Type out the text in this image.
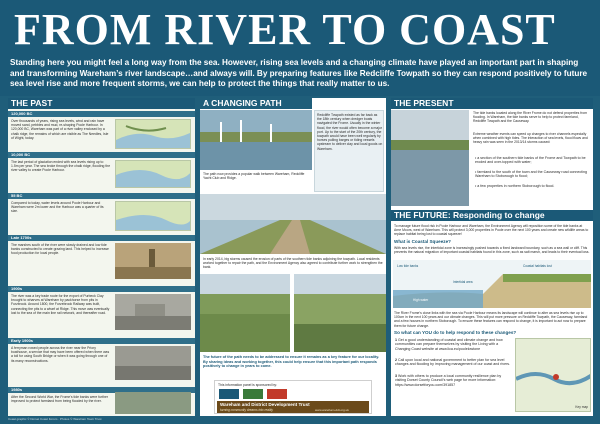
FROM RIVER TO COAST
Standing here you might feel a long way from the sea. However, rising sea levels and a changing climate have played an important part in shaping and transforming Wareham’s river landscape…and always will. By preparing features like Redcliffe Towpath so they can respond positively to future sea level rise and more frequent storms, we can help to protect the things that really matter to us.
THE PAST
120,000 BC
Over thousands of years, rising sea levels, wind and rain have moved sand, pebbles and mud, re-shaping Poole Harbour. In 120,000 BC, Wareham was part of a river valley enclosed by a chalk ridge, the remains of which are visible as The Needles, Isle of Wight, today.
10,000 BC
The last period of glaciation ended with sea levels rising up to 1.5m per year. The sea broke through the chalk ridge, flooding the river valley to create Poole Harbour.
55 BC
Compared to today, water levels around Poole Harbour and Wareham were 2m lower and the Harbour was a quarter of its size.
Late 1700s
The marshes south of the river were slowly drained and low tide banks constructed to create grazing land. This helped to increase food production for local people.
1900s
The river was a key trade route for the export of Purbeck Clay brought to wharves at Wareham by packhorse from pits in Furzbrook. Around 1800, the Furzebrook Railway was built, connecting the pits to a wharf at Ridge. This move was eventually lost to the sea of the main line rail network, and thereafter road.
Early 1900s
A ferryman rowed people across the river near the Priory boathouse, a service that may have been offered when there was a toll for using South Bridge or when it was going through one of its many reconstructions.
1980s
After the Second World War, the Frome’s tide banks were further improved to protect farmland from being flooded by the river.
A CHANGING PATH
Redcliffe Towpath existed as far back as the 18th century when dredger boats navigated the Frome. Usually in the winter flood, the river would often become a major port. Up to the start of the 20th century, the towpath would have been well regularly by horses pulling barges or tiding vessels upstream to deliver clay and local goods on Wareham.
The path now provides a popular walk between Wareham, Redcliffe Yacht Club and Ridge.
In early 2014, big storms caused the erosion of parts of the southern tide banks adjoining the towpath. Local residents worked together to repair the path, and the Environment Agency also agreed to contribute further work to strengthen the bank.
The future of the path needs to be addressed to ensure it remains as a key feature for our locality. By sharing ideas and working together, this could help ensure that this important path responds positively to change in years to come.
This information panel is sponsored by:
Wareham and District Development Trust
turning community dreams into reality	www.wareham-ddt.org.uk
THE PRESENT
The tide banks located along the River Frome do not defend properties from flooding. In Wareham, the tide banks serve to help to protect farmland, Redcliffe Towpath and the Causeway.
Extreme weather events can speed up changes to river channels especially when combined with high tides. The interaction of sea levels, flood flows and heavy rain was seen in the 2013/14 storms caused:
• a section of the southern tide banks of the Frome and Towpath to be eroded and over-topped with water;
• farmland to the south of the town and the Causeway road connecting Wareham to Stoborough to flood;
• a few properties in northern Stoborough to flood.
THE FUTURE: Responding to change
To manage future flood risk in Poole Harbour and Wareham, the Environment Agency will reposition some of the tide banks at Arne Moors, west of Wareham. This will protect 3,000 properties in Poole over the next 100 years and create new wildlife areas to replace habitat being lost to coastal squeeze!
What is Coastal Squeeze?
With sea levels rise, the intertidal zone is increasingly pushed towards a fixed landward boundary, such as a sea wall or cliff. This prevents the natural migration of important coastal habitats found in this zone, such as salt marsh, and leads to their eventual loss.
Low tide banks
Intertidal area
High water
Coastal habitats lost
The River Frome’s close links with the sea via Poole Harbour means its landscape will continue to alter as sea levels rise up to 100cm in the next 100 years and our climate changes. This will put more pressure on Redcliffe Towpath, the Causeway, farmland and a few houses in northern Stoborough. To ensure these features can respond to change, it is important to act now to prepare them for future change.
So what can YOU do to help respond to these changes?
1 Get a good understanding of coastal and climate change and how communities can prepare themselves by visiting the Living with a Changing Coast website at www.lica.eu/poolelowtone
2 Call upon local and national government to better plan for sea level changes and flooding by improving management of our coast and rivers.
3 Work with others to produce a local community resilience plan by visiting Dorset County Council’s web page for more information: https://www.dorsetforyou.com/391857
Key map
Coast graphic © Dorset Coast Forum · Photos © Wareham Town Trust
